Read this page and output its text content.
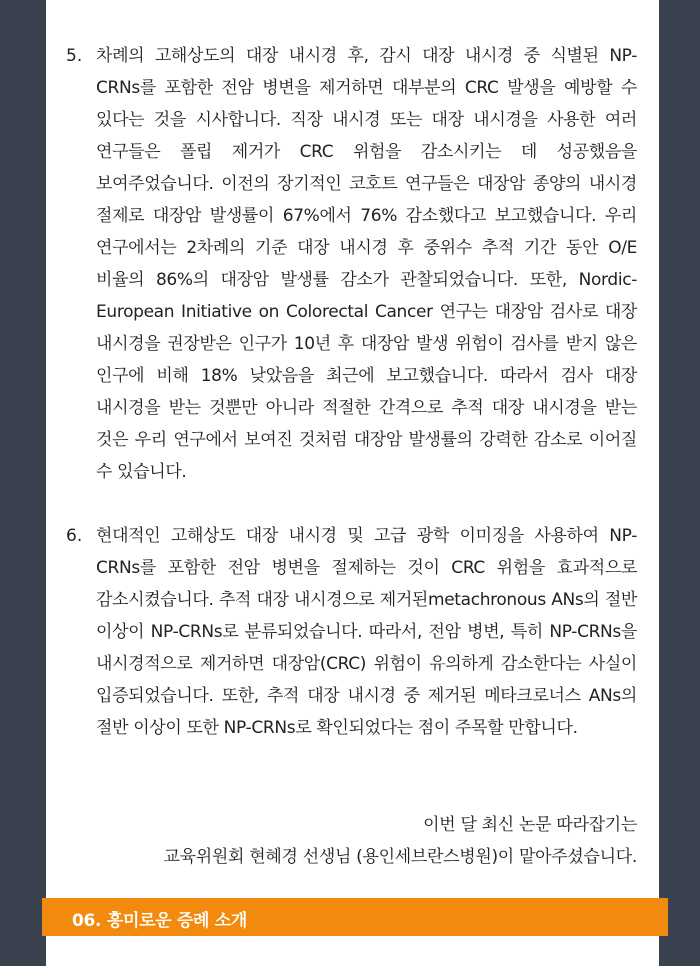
5. 차례의 고해상도의 대장 내시경 후, 감시 대장 내시경 중 식별된 NP-CRNs를 포함한 전암 병변을 제거하면 대부분의 CRC 발생을 예방할 수 있다는 것을 시사합니다. 직장 내시경 또는 대장 내시경을 사용한 여러 연구들은 폴립 제거가 CRC 위험을 감소시키는 데 성공했음을 보여주었습니다. 이전의 장기적인 코호트 연구들은 대장암 종양의 내시경 절제로 대장암 발생률이 67%에서 76% 감소했다고 보고했습니다. 우리 연구에서는 2차례의 기준 대장 내시경 후 중위수 추적 기간 동안 O/E 비율의 86%의 대장암 발생률 감소가 관찰되었습니다. 또한, Nordic-European Initiative on Colorectal Cancer 연구는 대장암 검사로 대장 내시경을 권장받은 인구가 10년 후 대장암 발생 위험이 검사를 받지 않은 인구에 비해 18% 낮았음을 최근에 보고했습니다. 따라서 검사 대장 내시경을 받는 것뿐만 아니라 적절한 간격으로 추적 대장 내시경을 받는 것은 우리 연구에서 보여진 것처럼 대장암 발생률의 강력한 감소로 이어질 수 있습니다.
6. 현대적인 고해상도 대장 내시경 및 고급 광학 이미징을 사용하여 NP-CRNs를 포함한 전암 병변을 절제하는 것이 CRC 위험을 효과적으로 감소시켰습니다. 추적 대장 내시경으로 제거된metachronous ANs의 절반 이상이 NP-CRNs로 분류되었습니다. 따라서, 전암 병변, 특히 NP-CRNs을 내시경적으로 제거하면 대장암(CRC) 위험이 유의하게 감소한다는 사실이 입증되었습니다. 또한, 추적 대장 내시경 중 제거된 메타크로너스 ANs의 절반 이상이 또한 NP-CRNs로 확인되었다는 점이 주목할 만합니다.
이번 달 최신 논문 따라잡기는
교육위원회 현혜경 선생님 (용인세브란스병원)이 맡아주셨습니다.
06. 흥미로운 증례 소개
